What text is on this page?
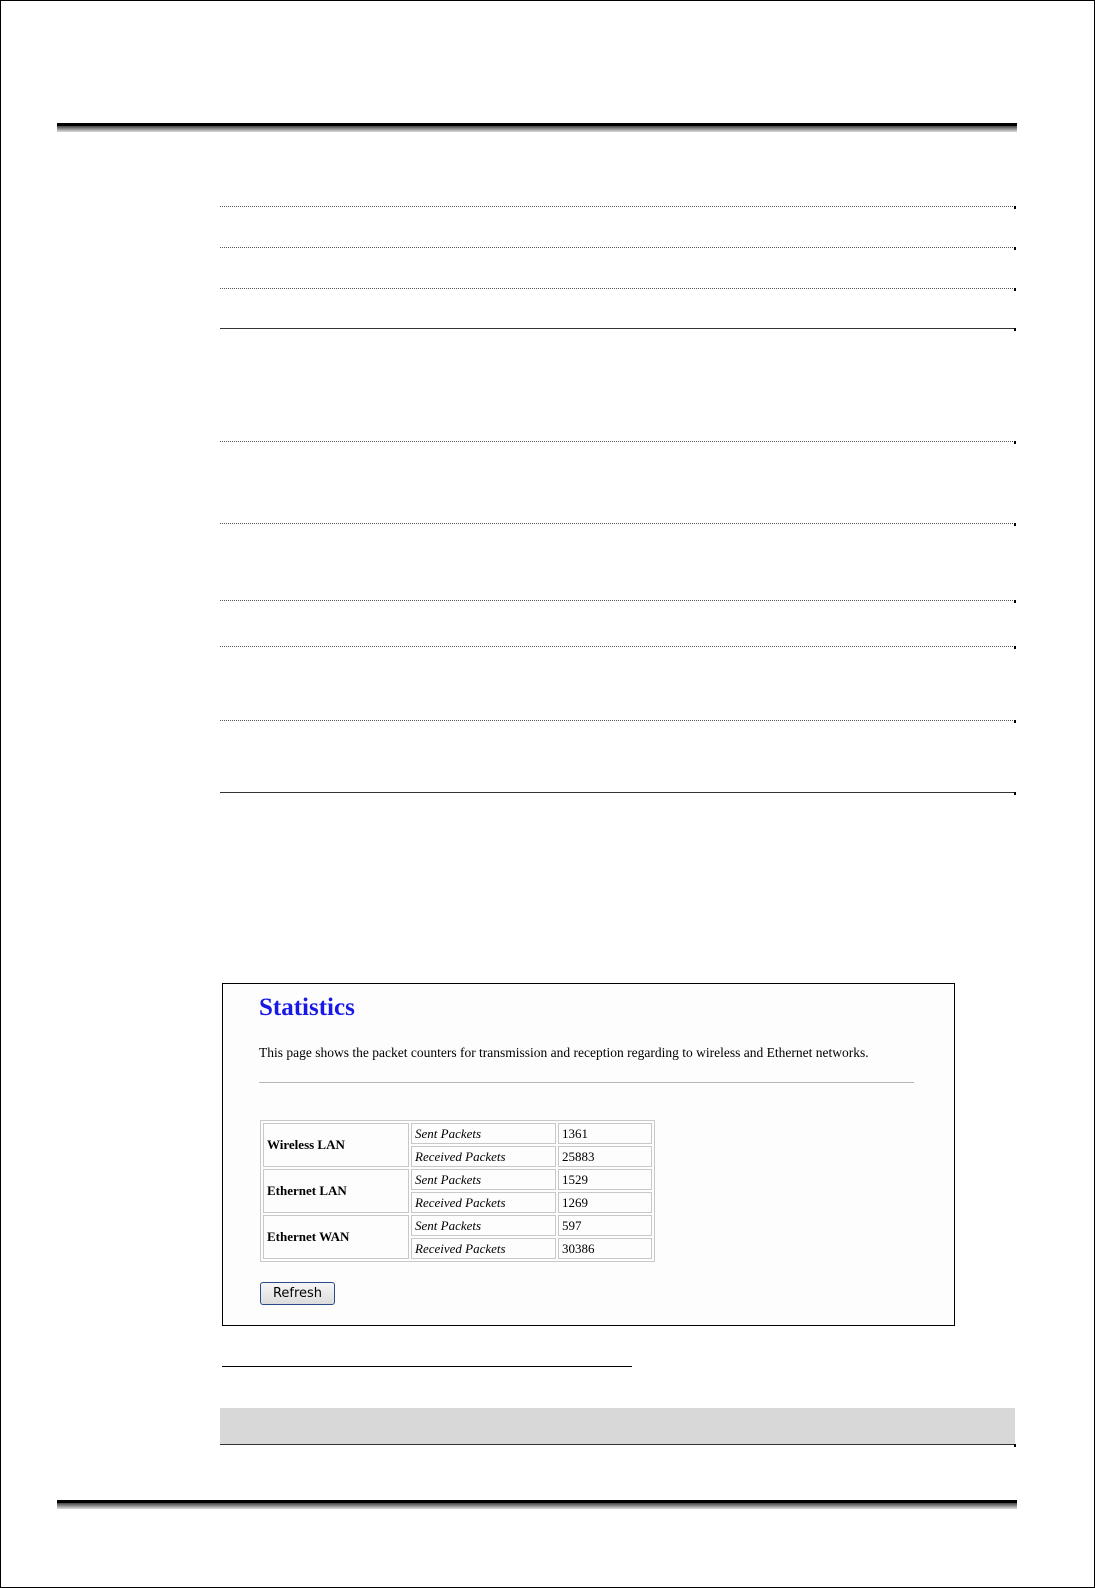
Statistics

This page shows the packet counters for transmission and reception regarding to wireless and Ethernet networks.

Wireless LAN	Sent Packets	1361
	Received Packets	25883
Ethernet LAN	Sent Packets	1529
	Received Packets	1269
Ethernet WAN	Sent Packets	597
	Received Packets	30386
Refresh
